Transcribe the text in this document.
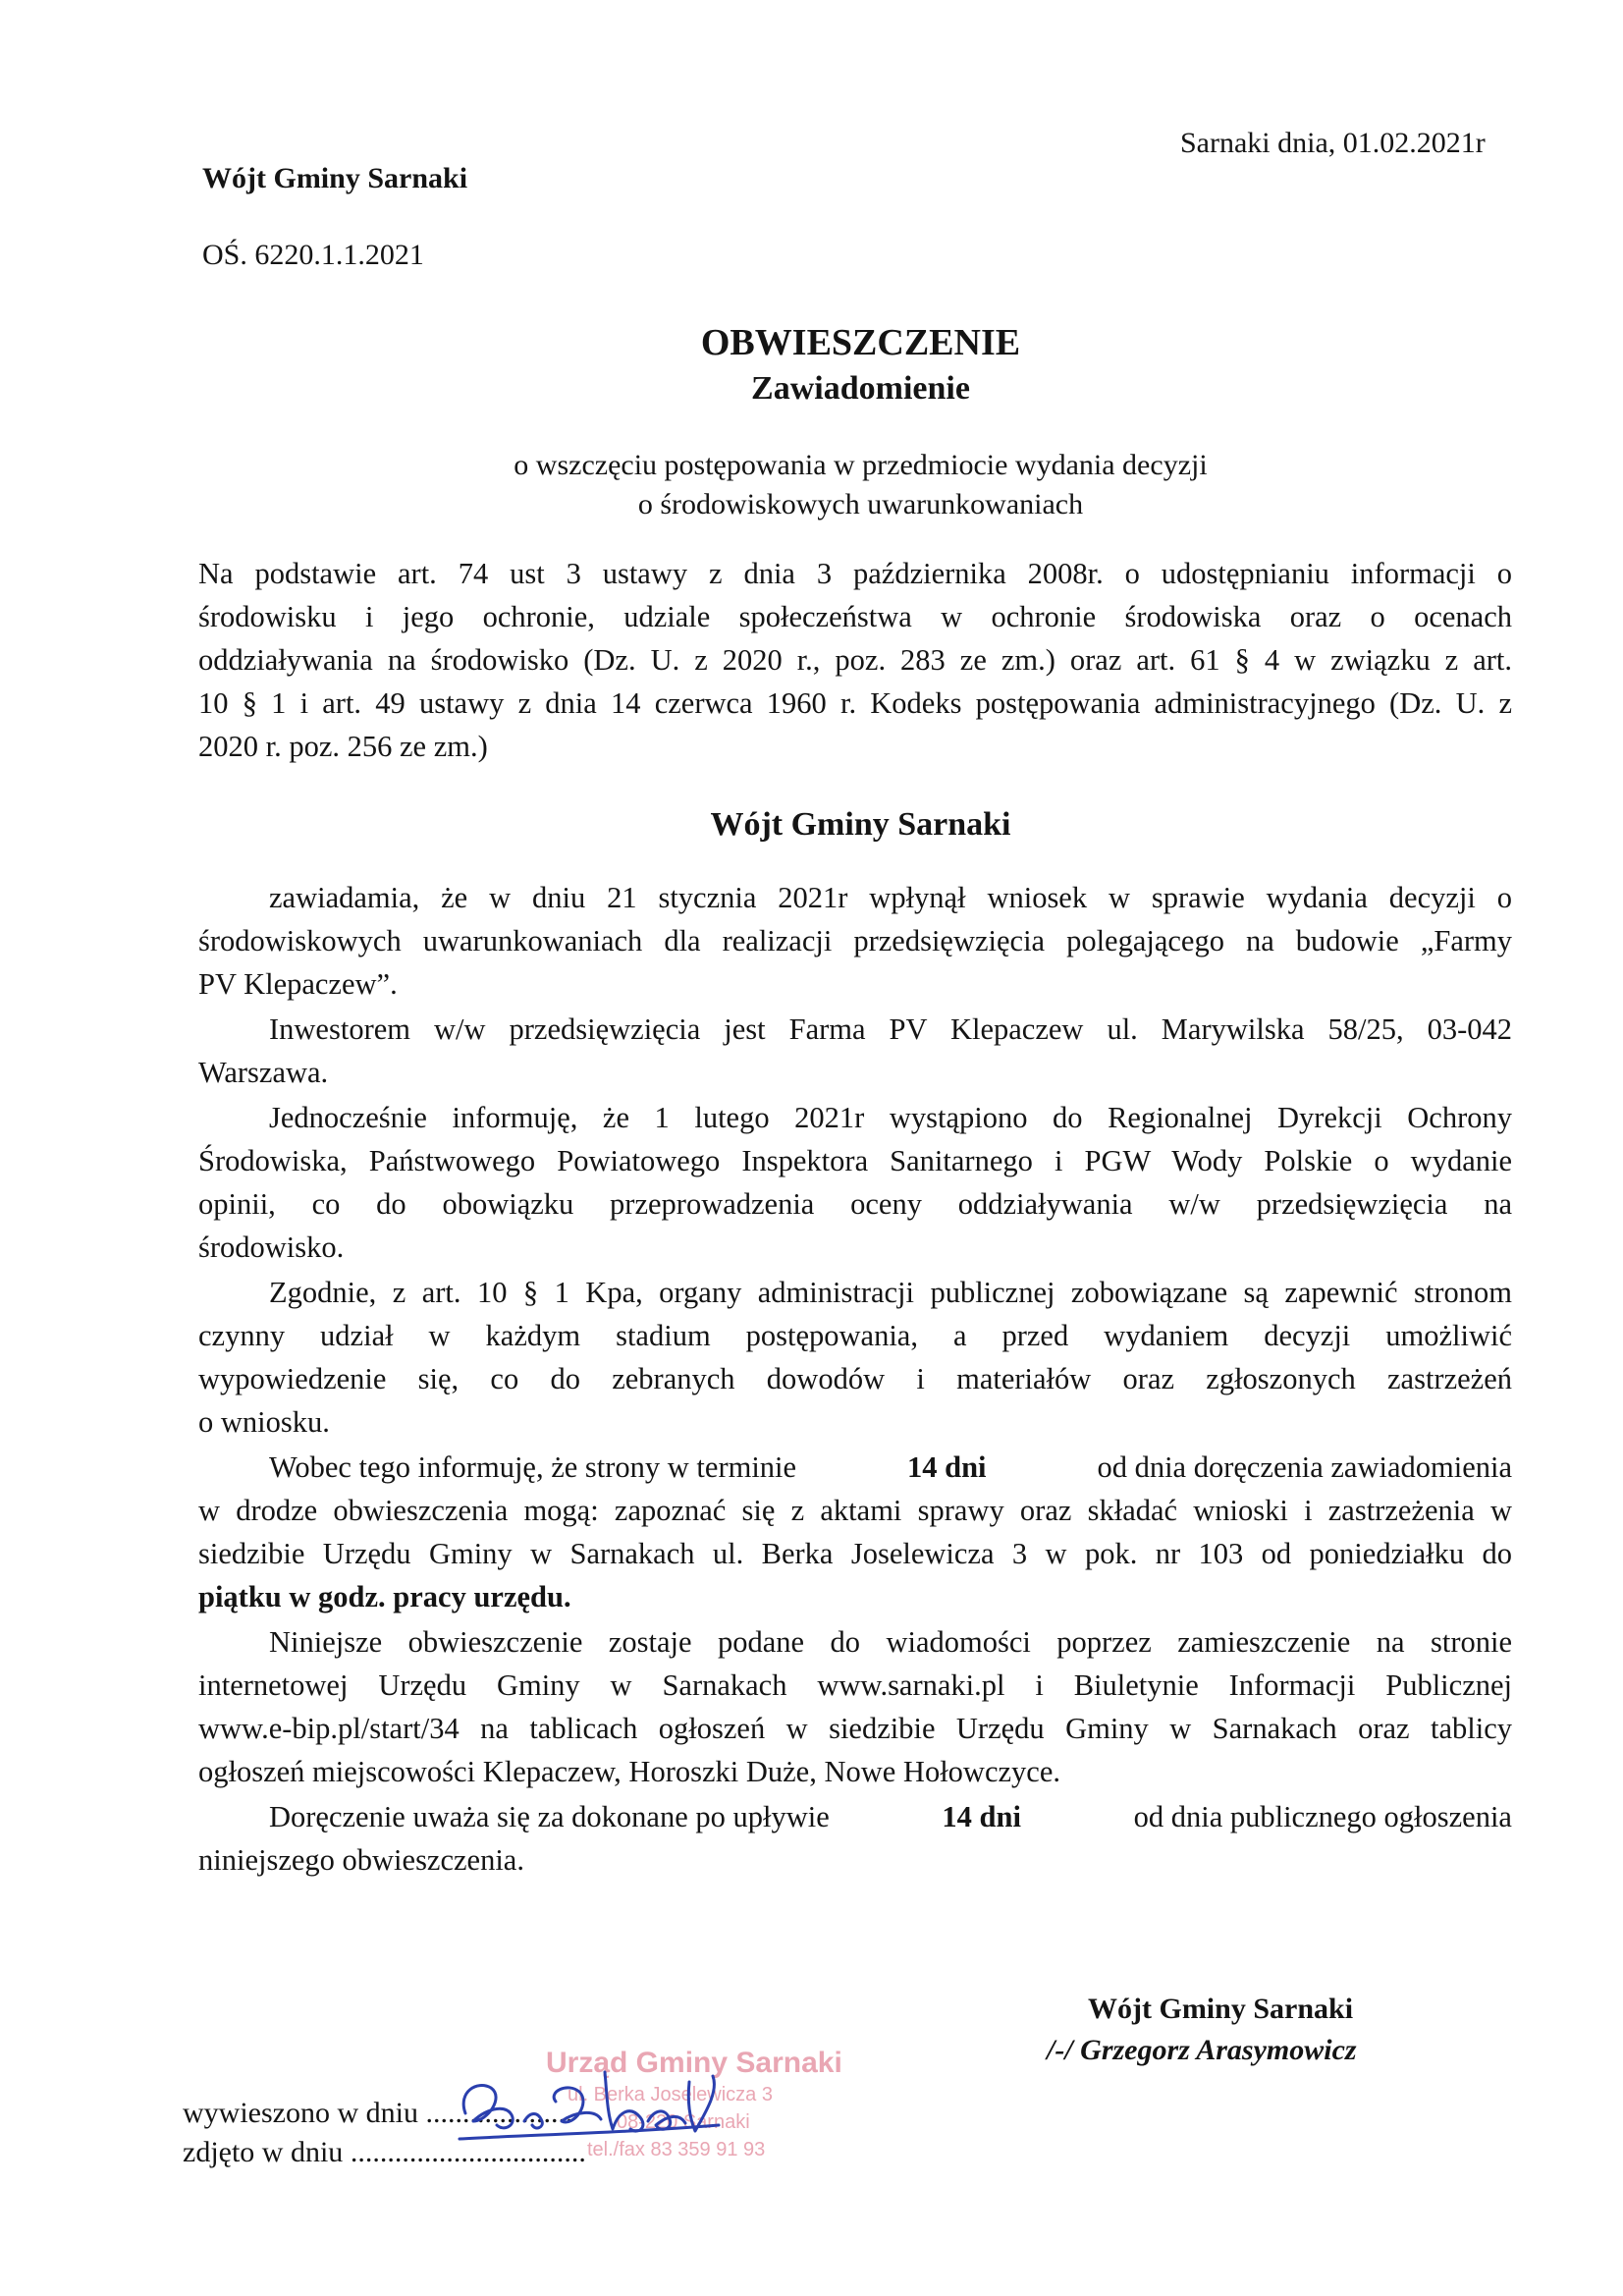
Wójt Gminy Sarnaki
Sarnaki dnia, 01.02.2021r
OŚ. 6220.1.1.2021
OBWIESZCZENIE
Zawiadomienie
o wszczęciu postępowania w przedmiocie wydania decyzji
o środowiskowych uwarunkowaniach
Na podstawie art. 74 ust 3 ustawy z dnia 3 października 2008r. o udostępnianiu informacji o
środowisku i jego ochronie, udziale społeczeństwa w ochronie środowiska oraz o ocenach
oddziaływania na środowisko (Dz. U. z 2020 r., poz. 283 ze zm.) oraz art. 61 § 4 w związku z art.
10 § 1 i art. 49 ustawy z dnia 14 czerwca 1960 r. Kodeks postępowania administracyjnego (Dz. U. z
2020 r. poz. 256 ze zm.)
Wójt Gminy Sarnaki
zawiadamia, że w dniu 21 stycznia 2021r wpłynął wniosek w sprawie wydania decyzji o
środowiskowych uwarunkowaniach dla realizacji przedsięwzięcia polegającego na budowie „Farmy
PV Klepaczew”.
Inwestorem w/w przedsięwzięcia jest Farma PV Klepaczew ul. Marywilska 58/25, 03-042
Warszawa.
Jednocześnie informuję, że 1 lutego 2021r wystąpiono do Regionalnej Dyrekcji Ochrony
Środowiska, Państwowego Powiatowego Inspektora Sanitarnego i PGW Wody Polskie o wydanie
opinii, co do obowiązku przeprowadzenia oceny oddziaływania w/w przedsięwzięcia na
środowisko.
Zgodnie, z art. 10 § 1 Kpa, organy administracji publicznej zobowiązane są zapewnić stronom
czynny udział w każdym stadium postępowania, a przed wydaniem decyzji umożliwić
wypowiedzenie się, co do zebranych dowodów i materiałów oraz zgłoszonych zastrzeżeń
o wniosku.
Wobec tego informuję, że strony w terminie	14 dni	od dnia doręczenia zawiadomienia
w drodze obwieszczenia mogą: zapoznać się z aktami sprawy oraz składać wnioski i zastrzeżenia w
siedzibie Urzędu Gminy w Sarnakach ul. Berka Joselewicza 3 w pok. nr 103 od poniedziałku do
piątku w godz. pracy urzędu.
Niniejsze obwieszczenie zostaje podane do wiadomości poprzez zamieszczenie na stronie
internetowej Urzędu Gminy w Sarnakach www.sarnaki.pl i Biuletynie Informacji Publicznej
www.e-bip.pl/start/34 na tablicach ogłoszeń w siedzibie Urzędu Gminy w Sarnakach oraz tablicy
ogłoszeń miejscowości Klepaczew, Horoszki Duże, Nowe Hołowczyce.
Doręczenie uważa się za dokonane po upływie	14 dni	od dnia publicznego ogłoszenia
niniejszego obwieszczenia.
Wójt Gminy Sarnaki
/-/ Grzegorz Arasymowicz
Urząd Gminy Sarnaki
ul. Berka Joselewicza 3
08-220 Sarnaki
tel./fax 83 359 91 93
wywieszono w dniu ....................
zdjęto w dniu ................................
